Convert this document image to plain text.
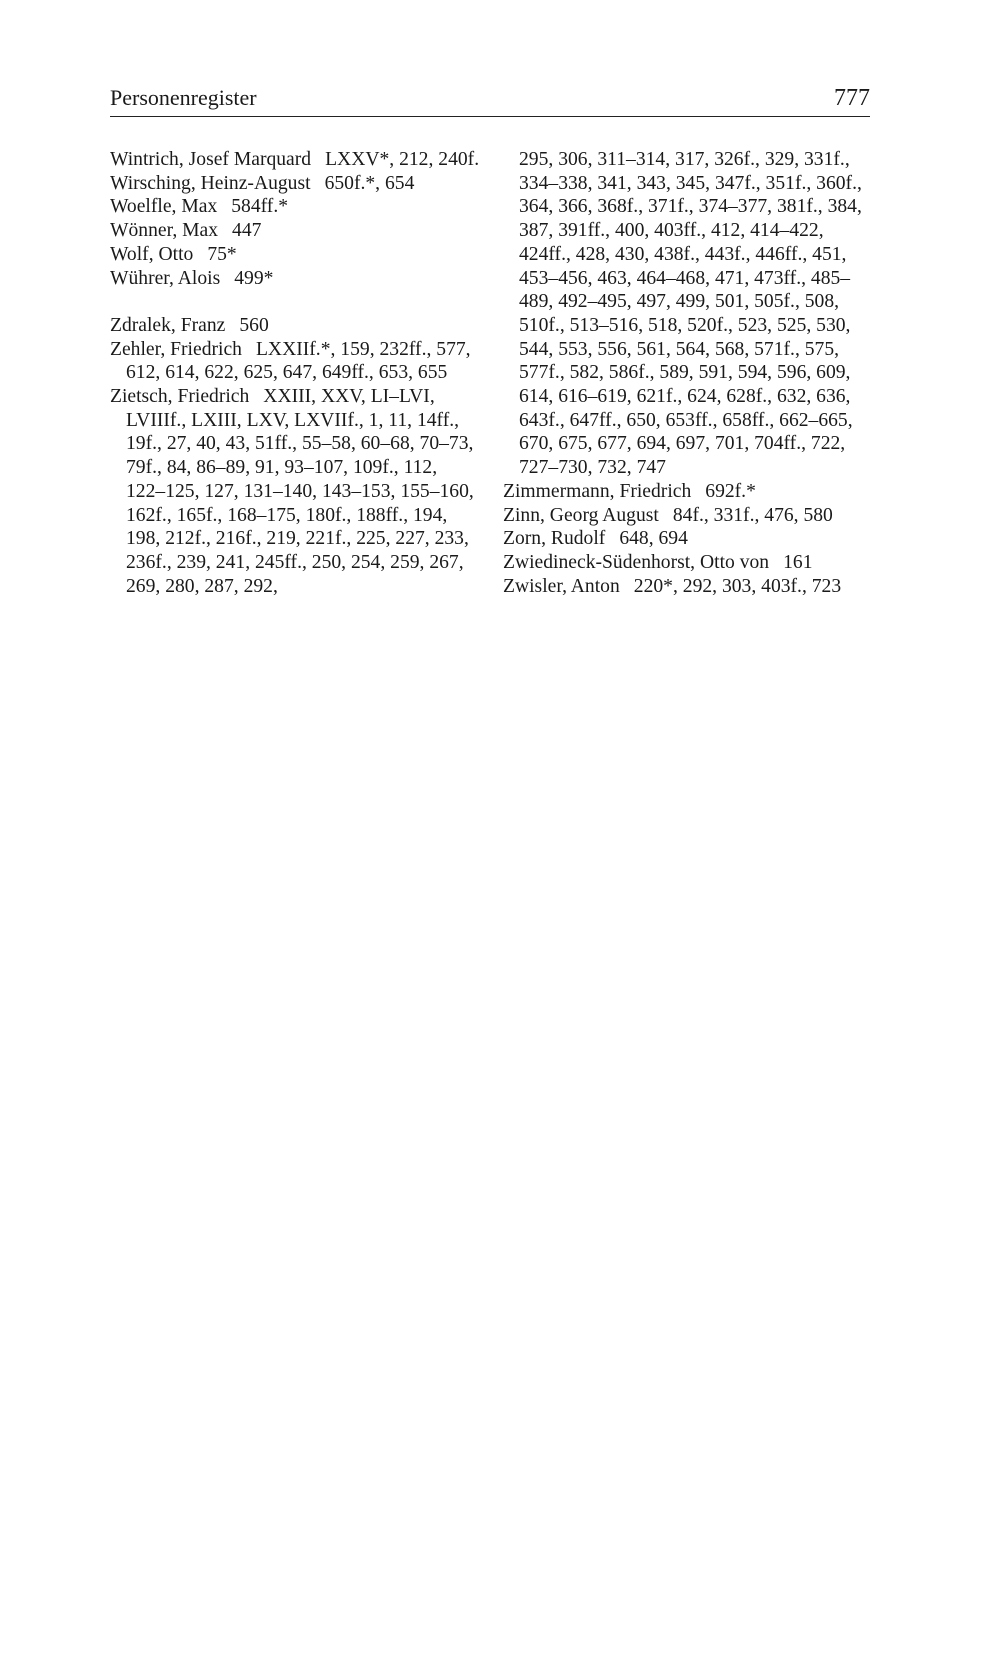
Personenregister	777
Wintrich, Josef Marquard LXXV*, 212, 240f.
Wirsching, Heinz-August 650f.*, 654
Woelfle, Max 584ff.*
Wönner, Max 447
Wolf, Otto 75*
Wührer, Alois 499*
Zdralek, Franz 560
Zehler, Friedrich LXXIIf.*, 159, 232ff., 577, 612, 614, 622, 625, 647, 649ff., 653, 655
Zietsch, Friedrich XXIII, XXV, LI–LVI, LVIIIf., LXIII, LXV, LXVIIf., 1, 11, 14ff., 19f., 27, 40, 43, 51ff., 55–58, 60–68, 70–73, 79f., 84, 86–89, 91, 93–107, 109f., 112, 122–125, 127, 131–140, 143–153, 155–160, 162f., 165f., 168–175, 180f., 188ff., 194, 198, 212f., 216f., 219, 221f., 225, 227, 233, 236f., 239, 241, 245ff., 250, 254, 259, 267, 269, 280, 287, 292,
295, 306, 311–314, 317, 326f., 329, 331f., 334–338, 341, 343, 345, 347f., 351f., 360f., 364, 366, 368f., 371f., 374–377, 381f., 384, 387, 391ff., 400, 403ff., 412, 414–422, 424ff., 428, 430, 438f., 443f., 446ff., 451, 453–456, 463, 464–468, 471, 473ff., 485–489, 492–495, 497, 499, 501, 505f., 508, 510f., 513–516, 518, 520f., 523, 525, 530, 544, 553, 556, 561, 564, 568, 571f., 575, 577f., 582, 586f., 589, 591, 594, 596, 609, 614, 616–619, 621f., 624, 628f., 632, 636, 643f., 647ff., 650, 653ff., 658ff., 662–665, 670, 675, 677, 694, 697, 701, 704ff., 722, 727–730, 732, 747
Zimmermann, Friedrich 692f.*
Zinn, Georg August 84f., 331f., 476, 580
Zorn, Rudolf 648, 694
Zwiedineck-Südenhorst, Otto von 161
Zwisler, Anton 220*, 292, 303, 403f., 723
